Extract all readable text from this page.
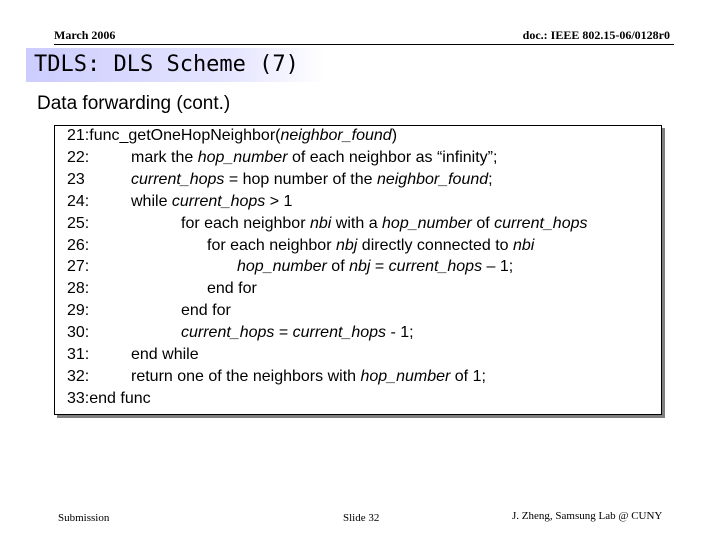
March 2006	doc.: IEEE 802.15-06/0128r0
TDLS: DLS Scheme (7)
Data forwarding (cont.)
21:func_getOneHopNeighbor(neighbor_found)
22:	mark the hop_number of each neighbor as “infinity”;
23	current_hops = hop number of the neighbor_found;
24:	while current_hops > 1
25:	for each neighbor nbi with a hop_number of current_hops
26:	for each neighbor nbj directly connected to nbi
27:	hop_number of nbj = current_hops – 1;
28:	end for
29:	end for
30:	current_hops = current_hops - 1;
31:	end while
32:	return one of the neighbors with hop_number of 1;
33:end func
Submission	Slide 32	J. Zheng, Samsung Lab @ CUNY
